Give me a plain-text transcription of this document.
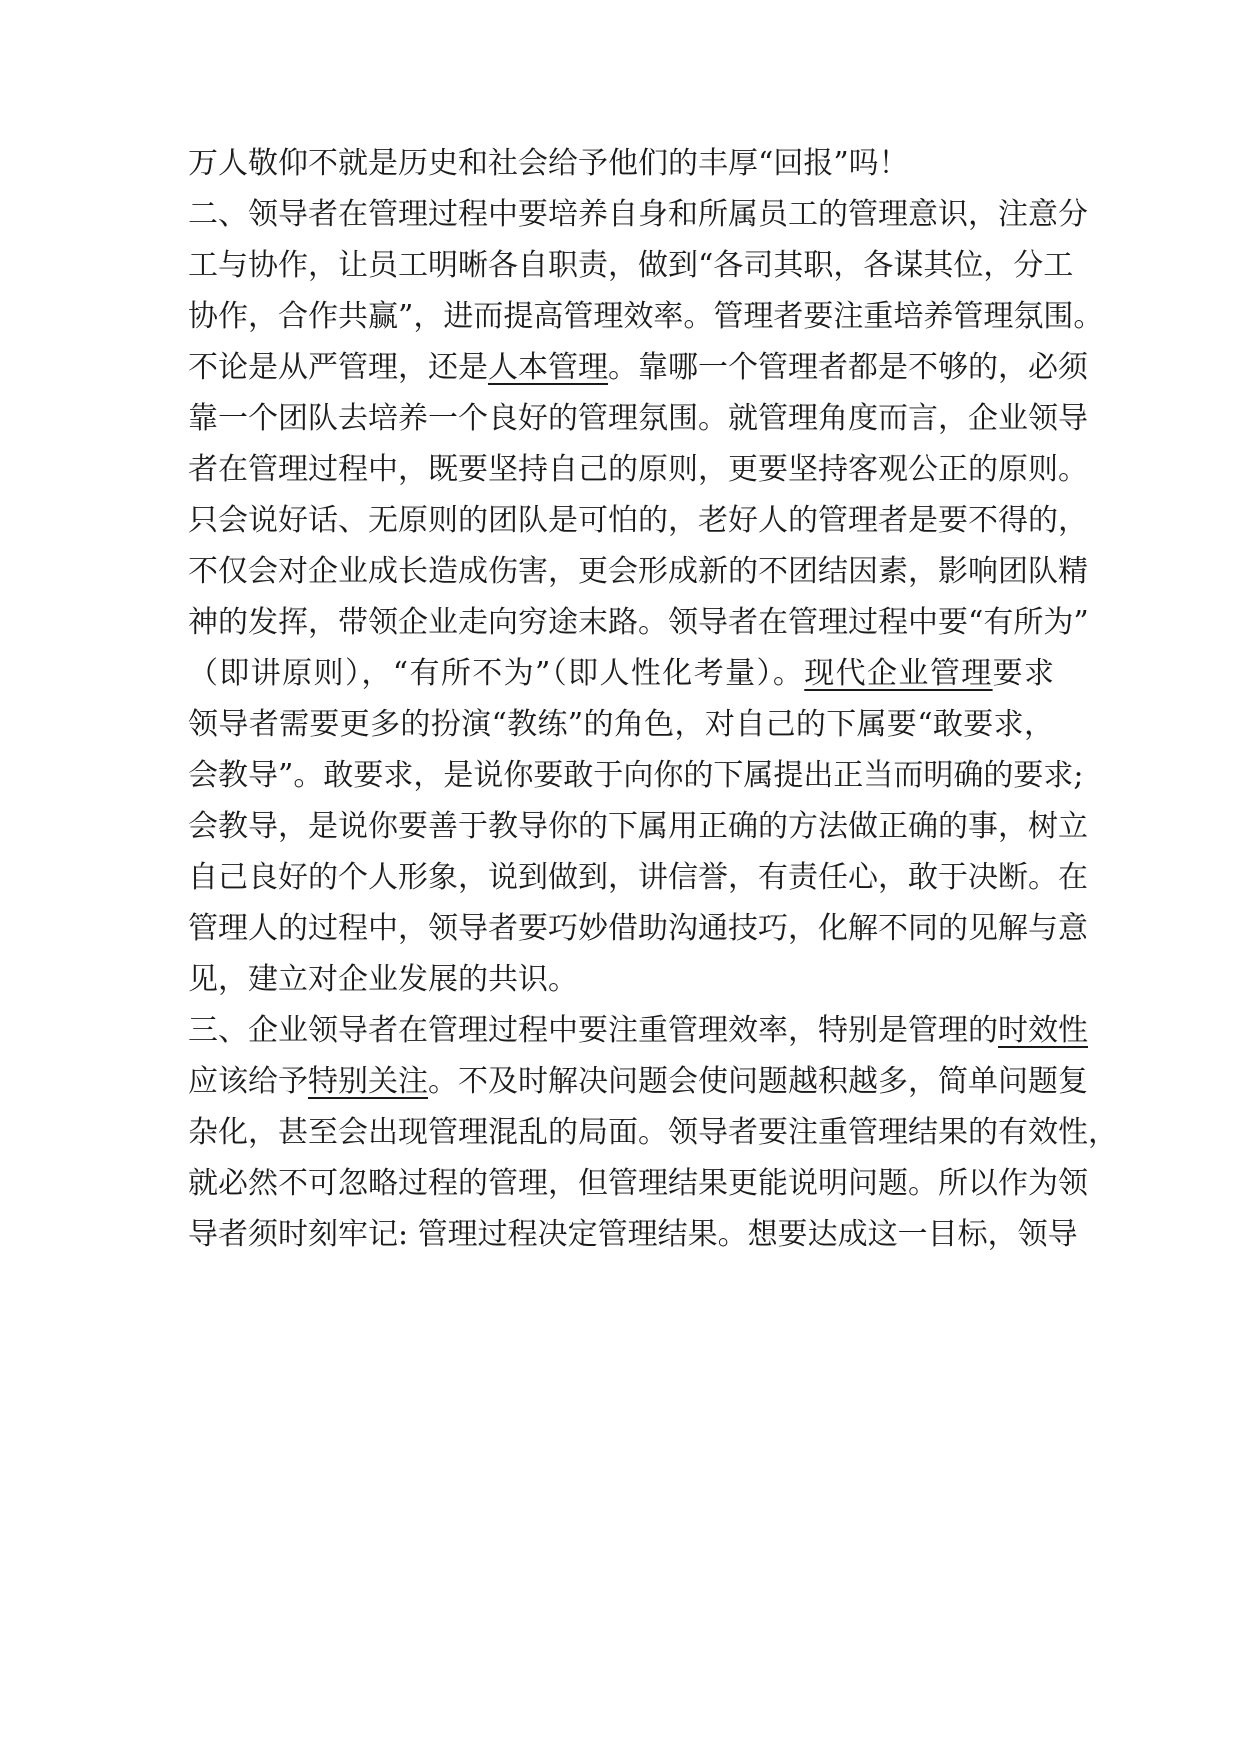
万人敬仰不就是历史和社会给予他们的丰厚“回报”吗！
二、领导者在管理过程中要培养自身和所属员工的管理意识，注意分
工与协作，让员工明晰各自职责，做到“各司其职，各谋其位，分工
协作，合作共赢”，进而提高管理效率。管理者要注重培养管理氛围。
不论是从严管理，还是人本管理。靠哪一个管理者都是不够的，必须
靠一个团队去培养一个良好的管理氛围。就管理角度而言，企业领导
者在管理过程中，既要坚持自己的原则，更要坚持客观公正的原则。
只会说好话、无原则的团队是可怕的，老好人的管理者是要不得的，
不仅会对企业成长造成伤害，更会形成新的不团结因素，影响团队精
神的发挥，带领企业走向穷途末路。领导者在管理过程中要“有所为”
（即讲原则），“有所不为”（即人性化考量）。现代企业管理要求
领导者需要更多的扮演“教练”的角色，对自己的下属要“敢要求，
会教导”。敢要求，是说你要敢于向你的下属提出正当而明确的要求;
会教导，是说你要善于教导你的下属用正确的方法做正确的事，树立
自己良好的个人形象，说到做到，讲信誉，有责任心，敢于决断。在
管理人的过程中，领导者要巧妙借助沟通技巧，化解不同的见解与意
见，建立对企业发展的共识。
三、企业领导者在管理过程中要注重管理效率，特别是管理的时效性
应该给予特别关注。不及时解决问题会使问题越积越多，简单问题复
杂化，甚至会出现管理混乱的局面。领导者要注重管理结果的有效性，
就必然不可忽略过程的管理，但管理结果更能说明问题。所以作为领
导者须时刻牢记: 管理过程决定管理结果。想要达成这一目标，领导
